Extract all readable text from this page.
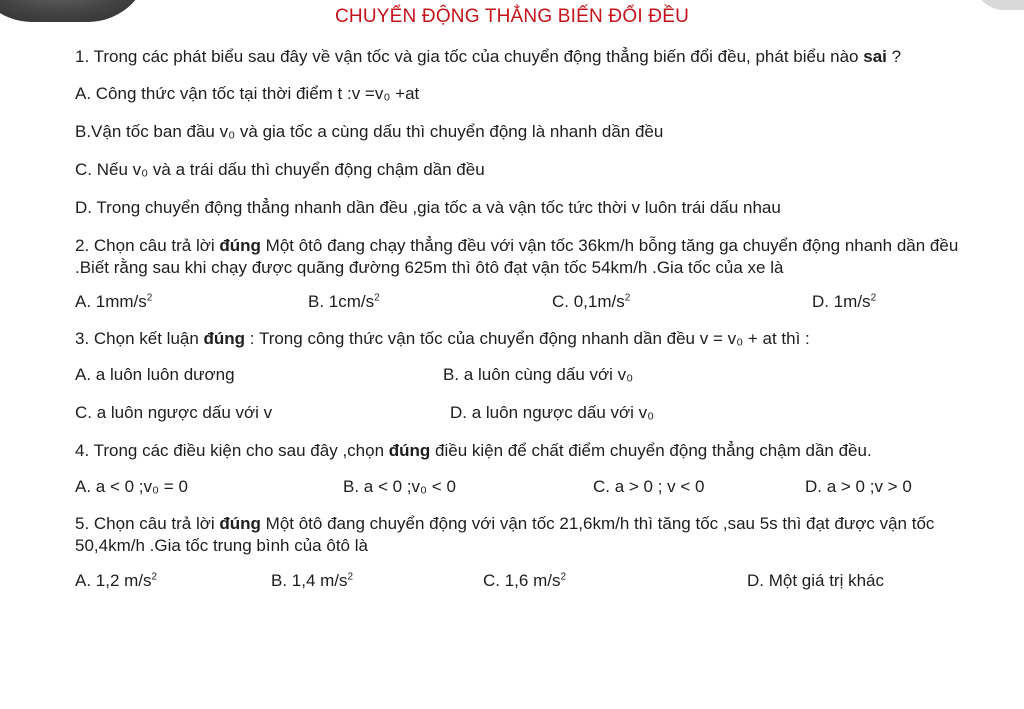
CHUYỂN ĐỘNG THẲNG BIẾN ĐỔI ĐỀU

1. Trong các phát biểu sau đây về vận tốc và gia tốc của chuyển động thẳng biến đổi đều, phát biểu nào sai ?

A. Công thức vận tốc tại thời điểm t :v =v₀ +at
B.Vận tốc ban đầu v₀ và gia tốc a cùng dấu thì chuyển động là nhanh dần đều
C. Nếu v₀ và a trái dấu thì chuyển động chậm dần đều
D. Trong chuyển động thẳng nhanh dần đều ,gia tốc a và vận tốc tức thời v luôn trái dấu nhau

2. Chọn câu trả lời đúng Một ôtô đang chạy thẳng đều với vận tốc 36km/h bỗng tăng ga chuyển động nhanh dần đều .Biết rằng sau khi chạy được quãng đường 625m thì ôtô đạt vận tốc 54km/h .Gia tốc của xe là

A. $1mm/s^2$	B. $1cm/s^2$	C. $0,1m/s^2$	D. $1m/s^2$

3. Chọn kết luận đúng : Trong công thức vận tốc của chuyển động nhanh dần đều v = v₀ + at thì :

A. a luôn luôn dương	B. a luôn cùng dấu với v₀
C. a luôn ngược dấu với v	D. a luôn ngược dấu với v₀

4. Trong các điều kiện cho sau đây ,chọn đúng điều kiện để chất điểm chuyển động thẳng chậm dần đều.

A. a < 0 ;v₀ = 0	B. a < 0 ;v₀ < 0	C. a > 0 ; v < 0	D. a > 0 ;v > 0

5. Chọn câu trả lời đúng Một ôtô đang chuyển động với vận tốc 21,6km/h thì tăng tốc ,sau 5s thì đạt được vận tốc 50,4km/h .Gia tốc trung bình của ôtô là

A. 1,2 $m/s^2$	B. 1,4 $m/s^2$	C. 1,6 $m/s^2$	D. Một giá trị khác
